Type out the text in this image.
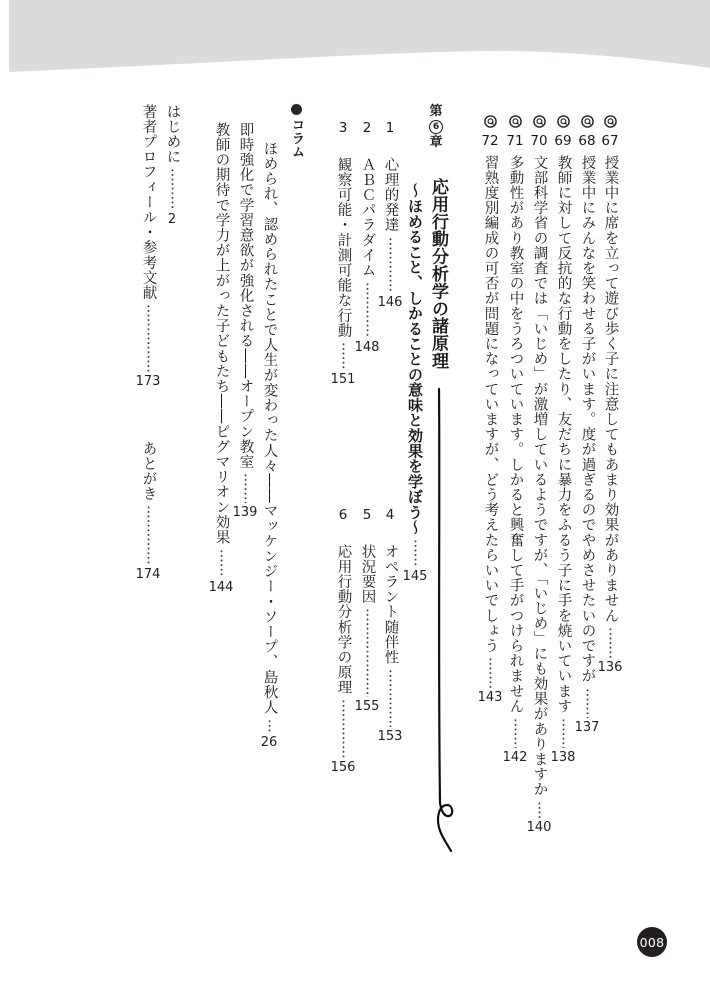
67
授業中に席を立って遊び歩く子に注意してもあまり効果がありません
136
68
授業中にみんなを笑わせる子がいます。度が過ぎるのでやめさせたいのですが
137
69
教師に対して反抗的な行動をしたり、友だちに暴力をふるう子に手を焼いています
138
70
文部科学省の調査では「いじめ」が激増しているようですが、「いじめ」にも効果がありますか
140
71
多動性があり教室の中をうろついています。しかると興奮して手がつけられません
142
72
習熟度別編成の可否が問題になっていますが、どう考えたらいいでしょう
143
第
6
章
応用行動分析学の諸原理
〜ほめること、しかることの意味と効果を学ぼう〜
145
1
心理的発達
146
2
ＡＢＣパラダイム
148
3
観察可能・計測可能な行動
151
4
オペラント随伴性
153
5
状況要因
155
6
応用行動分析学の原理
156
コラム
ほめられ、認められたことで人生が変わった人々――マッケンジー・ソープ、島秋人
26
即時強化で学習意欲が強化される――オープン教室
139
教師の期待で学力が上がった子どもたち――ピグマリオン効果
144
はじめに
2
著者プロフィール・参考文献
173
あとがき
174
008
